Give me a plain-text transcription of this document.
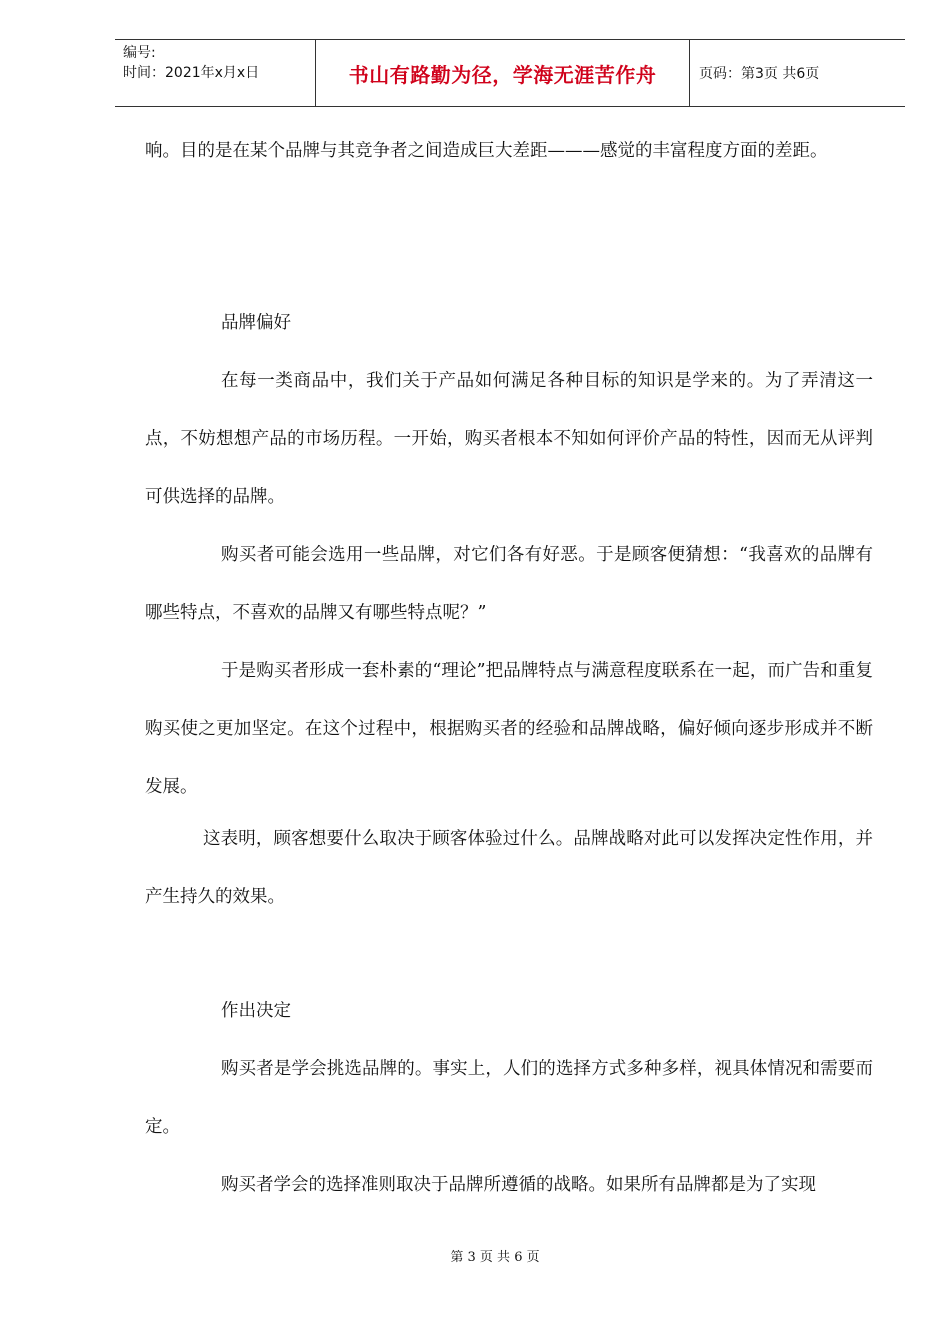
编号:
时间：2021年x月x日	书山有路勤为径，学海无涯苦作舟	页码：第3页 共6页

响。目的是在某个品牌与其竞争者之间造成巨大差距———感觉的丰富程度方面的差距。

品牌偏好

在每一类商品中，我们关于产品如何满足各种目标的知识是学来的。为了弄清这一点，不妨想想产品的市场历程。一开始，购买者根本不知如何评价产品的特性，因而无从评判可供选择的品牌。

购买者可能会选用一些品牌，对它们各有好恶。于是顾客便猜想：“我喜欢的品牌有哪些特点，不喜欢的品牌又有哪些特点呢？”

于是购买者形成一套朴素的“理论”把品牌特点与满意程度联系在一起，而广告和重复购买使之更加坚定。在这个过程中，根据购买者的经验和品牌战略，偏好倾向逐步形成并不断发展。

这表明，顾客想要什么取决于顾客体验过什么。品牌战略对此可以发挥决定性作用，并产生持久的效果。

作出决定

购买者是学会挑选品牌的。事实上，人们的选择方式多种多样，视具体情况和需要而定。

购买者学会的选择准则取决于品牌所遵循的战略。如果所有品牌都是为了实现

第 3 页 共 6 页
